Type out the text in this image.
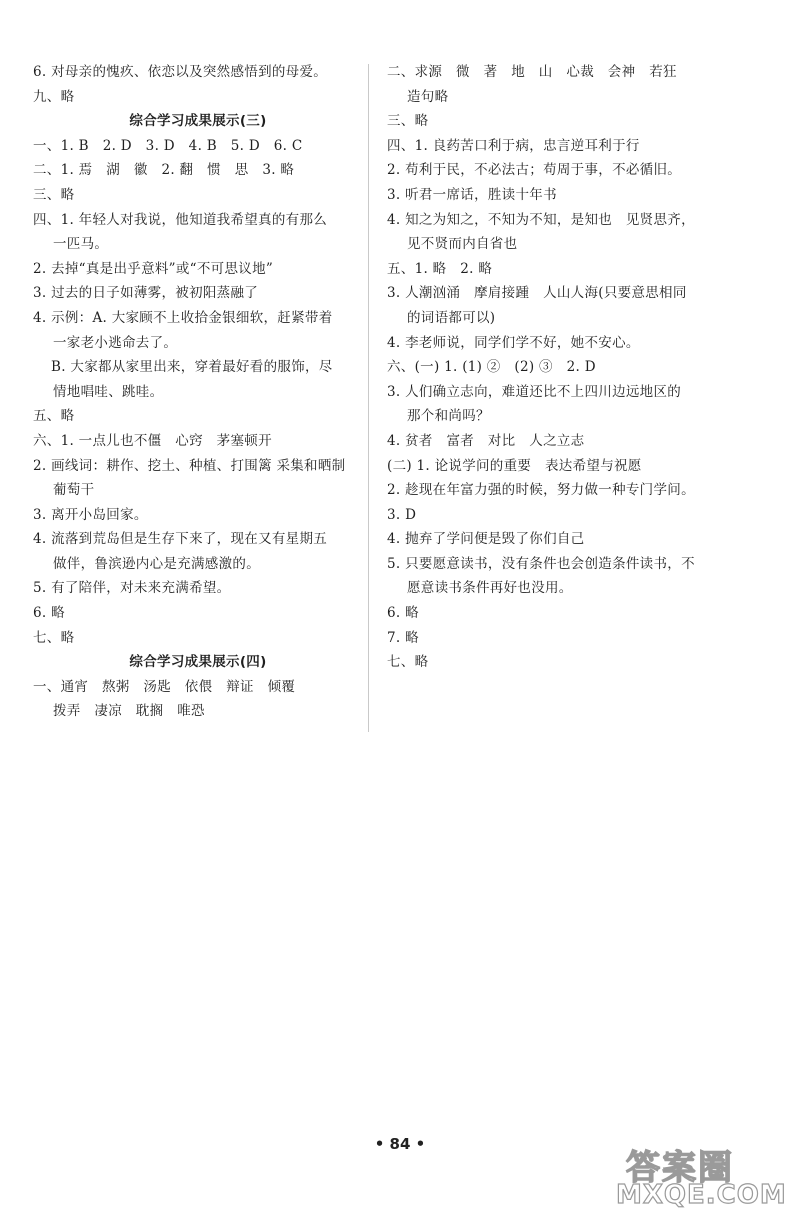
6. 对母亲的愧疚、依恋以及突然感悟到的母爱。
九、略
综合学习成果展示(三)
一、1. B　2. D　3. D　4. B　5. D　6. C
二、1. 焉　湖　徽　2. 翻　惯　思　3. 略
三、略
四、1. 年轻人对我说，他知道我希望真的有那么
一匹马。
2. 去掉“真是出乎意料”或“不可思议地”
3. 过去的日子如薄雾，被初阳蒸融了
4. 示例：A. 大家顾不上收拾金银细软，赶紧带着
一家老小逃命去了。
B. 大家都从家里出来，穿着最好看的服饰，尽
情地唱哇、跳哇。
五、略
六、1. 一点儿也不僵　心窍　茅塞顿开
2. 画线词：耕作、挖土、种植、打围篱 采集和晒制
葡萄干
3. 离开小岛回家。
4. 流落到荒岛但是生存下来了，现在又有星期五
做伴，鲁滨逊内心是充满感激的。
5. 有了陪伴，对未来充满希望。
6. 略
七、略
综合学习成果展示(四)
一、通宵　熬粥　汤匙　依偎　辩证　倾覆
拨弄　凄凉　耽搁　唯恐
二、求源　微　著　地　山　心裁　会神　若狂
造句略
三、略
四、1. 良药苦口利于病，忠言逆耳利于行
2. 苟利于民，不必法古；苟周于事，不必循旧。
3. 听君一席话，胜读十年书
4. 知之为知之，不知为不知，是知也　见贤思齐，
见不贤而内自省也
五、1. 略　2. 略
3. 人潮汹涌　摩肩接踵　人山人海(只要意思相同
的词语都可以)
4. 李老师说，同学们学不好，她不安心。
六、(一) 1. (1) ②　(2) ③　2. D
3. 人们确立志向，难道还比不上四川边远地区的
那个和尚吗？
4. 贫者　富者　对比　人之立志
(二) 1. 论说学问的重要　表达希望与祝愿
2. 趁现在年富力强的时候，努力做一种专门学问。
3. D
4. 抛弃了学问便是毁了你们自己
5. 只要愿意读书，没有条件也会创造条件读书，不
愿意读书条件再好也没用。
6. 略
7. 略
七、略
• 84 •
答案圈
MXQE.COM
